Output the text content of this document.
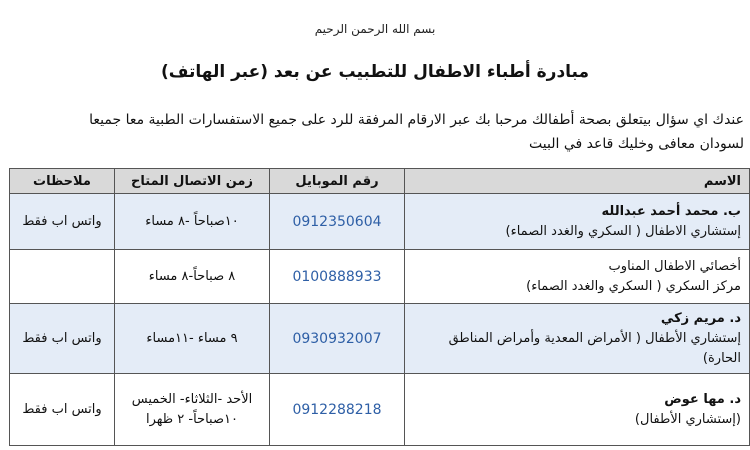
بسم الله الرحمن الرحيم
مبادرة أطباء الاطفال للتطبيب عن بعد (عبر الهاتف)
عندك اي سؤال بيتعلق بصحة أطفالك مرحبا بك عبر الارقام المرفقة للرد على جميع الاستفسارات الطبية معا جميعا
لسودان معافى وخليك قاعد في البيت
الاسم	رقم الموبايل	زمن الاتصال المتاح	ملاحظات

ب. محمد أحمد عبدالله
إستشاري الاطفال ( السكري والغدد الصماء)	0912350604	١٠صباحاً -٨ مساء	واتس اب فقط

أخصائي الاطفال المناوب
مركز السكري ( السكري والغدد الصماء)	0100888933	٨ صباحاً-٨ مساء	

د. مريم زكي
إستشاري الأطفال ( الأمراض المعدية وأمراض المناطق الحارة)	0930932007	٩ مساء -١١مساء	واتس اب فقط

د. مها عوض
(إستشاري الأطفال)	0912288218	الأحد -الثلاثاء- الخميس ١٠صباحاً- ٢ ظهرا	واتس اب فقط
